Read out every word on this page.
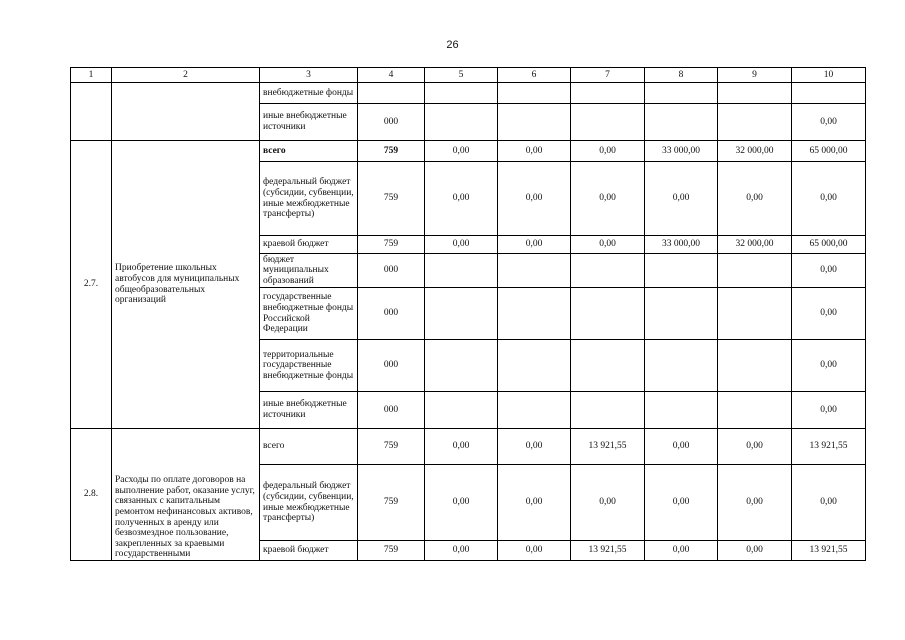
26
1	2	3	4	5	6	7	8	9	10
		внебюджетные фонды							
		иные внебюджетные источники	000						0,00
2.7.	Приобретение школьных автобусов для муниципальных общеобразовательных организаций	всего	759	0,00	0,00	0,00	33 000,00	32 000,00	65 000,00
		федеральный бюджет (субсидии, субвенции, иные межбюджетные трансферты)	759	0,00	0,00	0,00	0,00	0,00	0,00
		краевой бюджет	759	0,00	0,00	0,00	33 000,00	32 000,00	65 000,00
		бюджет муниципальных образований	000						0,00
		государственные внебюджетные фонды Российской Федерации	000						0,00
		территориальные государственные внебюджетные фонды	000						0,00
		иные внебюджетные источники	000						0,00
2.8.	Расходы по оплате договоров на выполнение работ, оказание услуг, связанных с капитальным ремонтом нефинансовых активов, полученных в аренду или безвозмездное пользование, закрепленных за краевыми государственными	всего	759	0,00	0,00	13 921,55	0,00	0,00	13 921,55
		федеральный бюджет (субсидии, субвенции, иные межбюджетные трансферты)	759	0,00	0,00	0,00	0,00	0,00	0,00
		краевой бюджет	759	0,00	0,00	13 921,55	0,00	0,00	13 921,55
